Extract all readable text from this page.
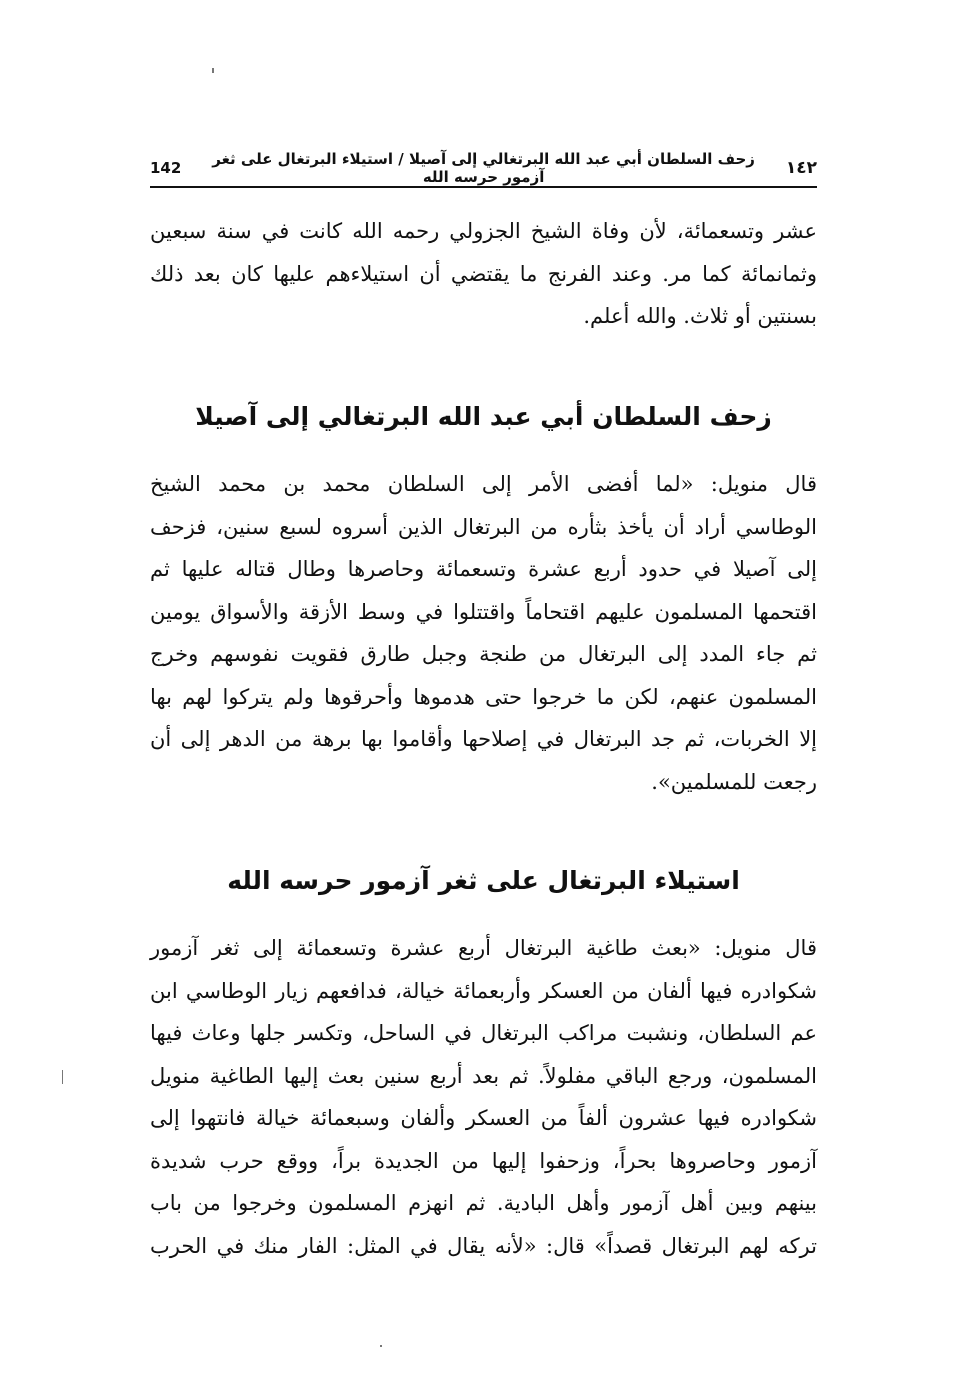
١٤٢
زحف السلطان أبي عبد الله البرتغالي إلى آصيلا / استيلاء البرتغال على ثغر آزمور حرسه الله
142
عشر وتسعمائة، لأن وفاة الشيخ الجزولي رحمه الله كانت في سنة سبعين
وثمانمائة كما مر. وعند الفرنج ما يقتضي أن استيلاءهم عليها كان بعد ذلك
بسنتين أو ثلاث. والله أعلم.
زحف السلطان أبي عبد الله البرتغالي إلى آصيلا
قال منويل: «لما أفضى الأمر إلى السلطان محمد بن محمد الشيخ
الوطاسي أراد أن يأخذ بثأره من البرتغال الذين أسروه لسبع سنين، فزحف
إلى آصيلا في حدود أربع عشرة وتسعمائة وحاصرها وطال قتاله عليها ثم
اقتحمها المسلمون عليهم اقتحاماً واقتتلوا في وسط الأزقة والأسواق يومين
ثم جاء المدد إلى البرتغال من طنجة وجبل طارق فقويت نفوسهم وخرج
المسلمون عنهم، لكن ما خرجوا حتى هدموها وأحرقوها ولم يتركوا لهم بها
إلا الخربات، ثم جد البرتغال في إصلاحها وأقاموا بها برهة من الدهر إلى أن
رجعت للمسلمين».
استيلاء البرتغال على ثغر آزمور حرسه الله
قال منويل: «بعث طاغية البرتغال أربع عشرة وتسعمائة إلى ثغر آزمور
شكوادره فيها ألفان من العسكر وأربعمائة خيالة، فدافعهم زيار الوطاسي ابن
عم السلطان، ونشبت مراكب البرتغال في الساحل، وتكسر جلها وعاث فيها
المسلمون، ورجع الباقي مفلولاً. ثم بعد أربع سنين بعث إليها الطاغية منويل
شكوادره فيها عشرون ألفاً من العسكر وألفان وسبعمائة خيالة فانتهوا إلى
آزمور وحاصروها بحراً، وزحفوا إليها من الجديدة براً، ووقع حرب شديدة
بينهم وبين أهل آزمور وأهل البادية. ثم انهزم المسلمون وخرجوا من باب
تركه لهم البرتغال قصداً» قال: «لأنه يقال في المثل: الفار منك في الحرب
